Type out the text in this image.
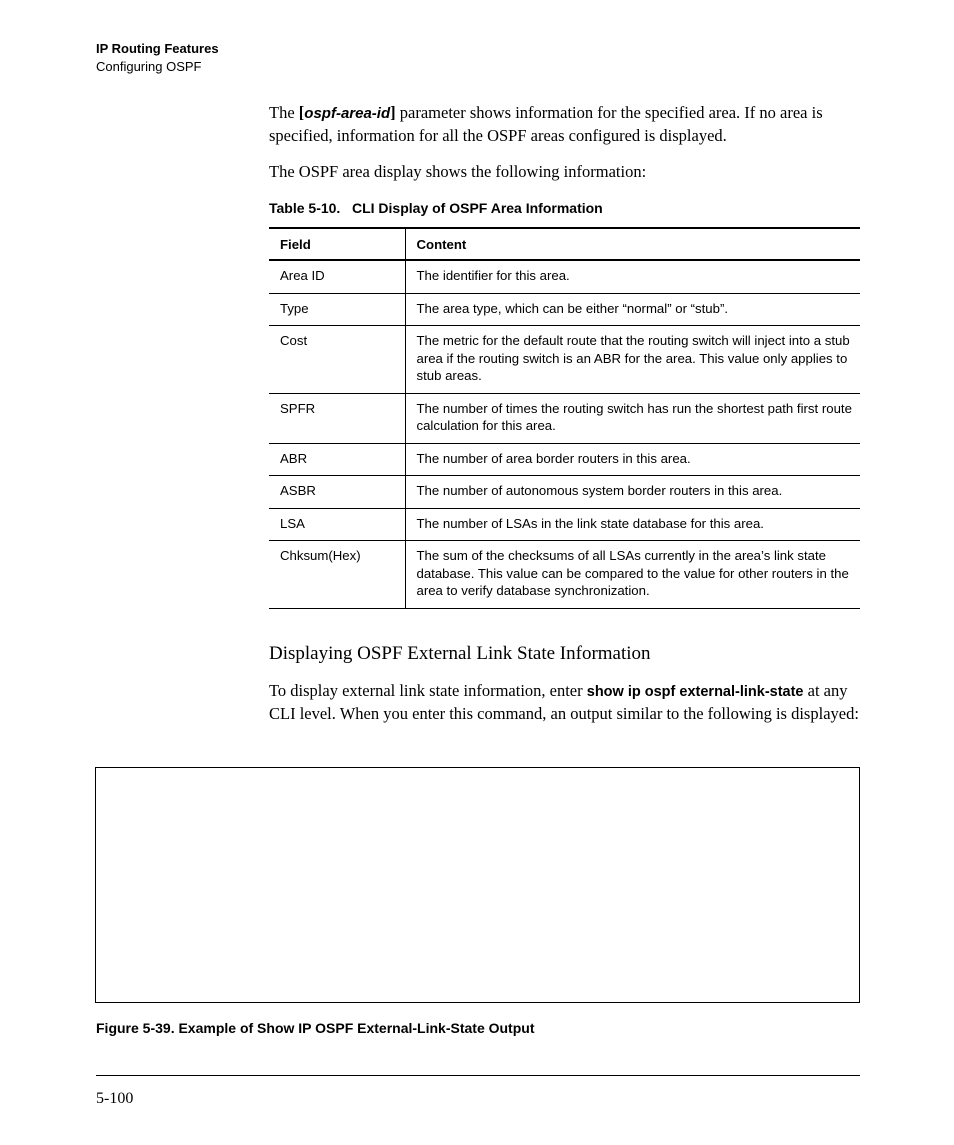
IP Routing Features
Configuring OSPF

The [ospf-area-id] parameter shows information for the specified area. If no area is specified, information for all the OSPF areas configured is displayed.

The OSPF area display shows the following information:

Table 5-10.   CLI Display of OSPF Area Information
Field	Content
Area ID	The identifier for this area.
Type	The area type, which can be either “normal” or “stub”.
Cost	The metric for the default route that the routing switch will inject into a stub area if the routing switch is an ABR for the area. This value only applies to stub areas.
SPFR	The number of times the routing switch has run the shortest path first route calculation for this area.
ABR	The number of area border routers in this area.
ASBR	The number of autonomous system border routers in this area.
LSA	The number of LSAs in the link state database for this area.
Chksum(Hex)	The sum of the checksums of all LSAs currently in the area’s link state database. This value can be compared to the value for other routers in the area to verify database synchronization.
Displaying OSPF External Link State Information

To display external link state information, enter show ip ospf external-link-state at any CLI level. When you enter this command, an output similar to the following is displayed:

Figure 5-39. Example of Show IP OSPF External-Link-State Output
5-100
